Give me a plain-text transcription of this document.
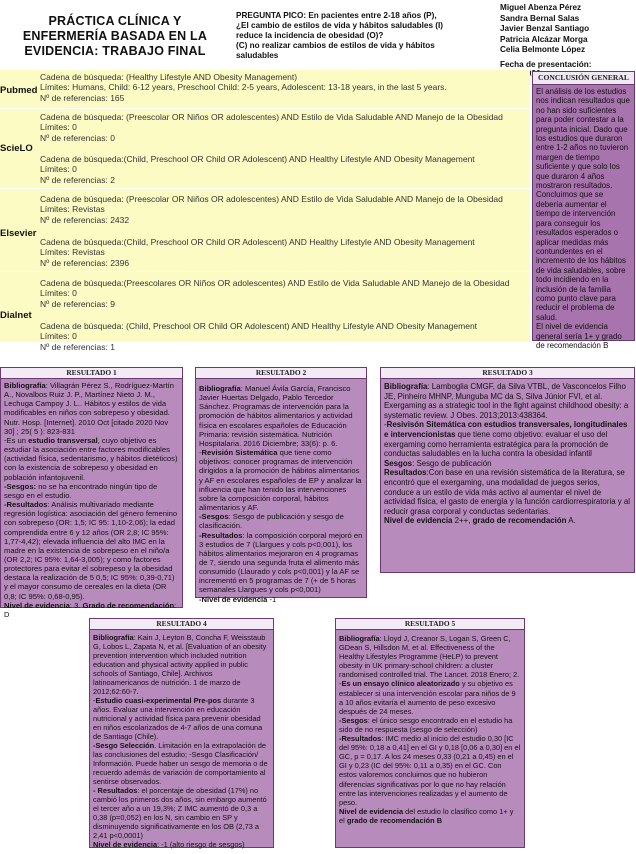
PRÁCTICA CLÍNICA Y ENFERMERÍA BASADA EN LA EVIDENCIA: TRABAJO FINAL
PREGUNTA PICO: En pacientes entre 2-18 años (P),
¿El cambio de estilos de vida y hábitos saludables (I)
reduce la incidencia de obesidad (O)?
(C) no realizar cambios de estilos de vida y hábitos
saludables
Miguel Abenza Pérez
Sandra Bernal Salas
Javier Benzal Santiago
Patricia Alcázar Morga
Celia Belmonte López
Fecha de presentación:
Pubmed
Cadena de búsqueda: (Healthy Lifestyle AND Obesity Management)
Límites: Humans, Child: 6-12 years, Preschool Child: 2-5 years, Adolescent: 13-18 years, in the last 5 years.
Nº de referencias: 165
ScieLO
Cadena de búsqueda: (Preescolar OR Niños OR adolescentes) AND Estilo de Vida Saludable AND Manejo de la Obesidad
Límites: 0
Nº de referencias: 0
Cadena de búsqueda:(Child, Preschool OR Child OR Adolescent) AND Healthy Lifestyle AND Obesity Management
Límites: 0
Nº de referencias: 2
Elsevier
Cadena de búsqueda: (Preescolar OR Niños OR adolescentes) AND Estilo de Vida Saludable AND Manejo de la Obesidad
Límites: Revistas
Nº de referencias: 2432
Cadena de búsqueda:(Child, Preschool OR Child OR Adolescent) AND Healthy Lifestyle AND Obesity Management
Límites: Revistas
Nº de referencias: 2396
Dialnet
Cadena de búsqueda:(Preescolares OR Niños OR adolescentes) AND Estilo de Vida Saludable AND Manejo de la Obesidad
Límites: 0
Nº de referencias: 9
Cadena de búsqueda: (Child, Preschool OR Child OR Adolescent) AND Healthy Lifestyle AND Obesity Management
Límites: 0
Nº de referencias: 1
CONCLUSIÓN GENERAL
El análisis de los estudios nos indican resultados que no han sido suficientes para poder contestar a la pregunta inicial. Dado que los estudios que duraron entre 1-2 años no tuvieron margen de tiempo suficiente y que solo los que duraron 4 años mostraron resultados. Concluimos que se debería aumentar el tiempo de intervención para conseguir los resultados esperados o aplicar medidas más contundentes en el incremento de los hábitos de vida saludables, sobre todo incidiendo en la inclusión de la familia como punto clave para reducir el problema de salud.
El nivel de evidencia general sería 1+ y grado de recomendación B
RESULTADO 1

Bibliografía: Villagrán Pérez S., Rodríguez-Martín A., Novalbos Ruiz J. P., Martínez Nieto J. M., Lechuga Campoy J. L.. Hábitos y estilos de vida modificables en niños con sobrepeso y obesidad. Nutr. Hosp. [Internet]. 2010 Oct [citado 2020 Nov 30] ; 25( 5 ): 823-831

-Es un estudio transversal, cuyo objetivo es estudiar la asociación entre factores modificables (actividad física, sedentarismo, y hábitos dietéticos) con la existencia de sobrepeso y obesidad en población infantojuvenil.

-Sesgos: no se ha encontrado ningún tipo de sesgo en el estudio.

-Resultados: Análisis multivariado mediante regresión logística: asociación del género femenino con sobrepeso (OR: 1,5; IC 95: 1,10-2,06); la edad comprendida entre 6 y 12 años (OR 2,8; IC 95%: 1,77-4,42); elevada influencia del alto IMC en la madre en la existencia de sobrepeso en el niño/a (OR 2,2; IC 95%: 1,64-3,005); y como factores protectores para evitar el sobrepeso y la obesidad destaca la realización de 5 0,5; IC 95%: 0,39-0,71) y el mayor consumo de cereales en la dieta (OR 0,8; IC 95%: 0,68-0,95).

Nivel de evidencia: 3. Grado de recomendación: D

RESULTADO 2

Bibliografía: Manuel Ávila García, Francisco Javier Huertas Delgado, Pablo Tercedor Sánchez. Programas de intervención para la promoción de hábitos alimentarios y actividad física en escolares españoles de Educación Primaria: revisión sistemática. Nutrición Hospitalaria. 2016 Diciembre; 33(6): p. 6.

-Revisión Sistemática que tiene como objetivos: conocer programas de intervención dirigidos a la promoción de hábitos alimentarios y AF en escolares españoles de EP y analizar la influencia que han tenido las intervenciones sobre la composición corporal, hábitos alimentarios y AF.

-Sesgos: Sesgo de publicación y sesgo de clasificación.

-Resultados: la composición corporal mejoró en 3 estudios de 7 (Llargues y cols p<0,001), los hábitos alimentarios mejoraron en 4 programas de 7, siendo una segunda fruta el alimento más consumido (Llaurado y cols p<0,001) y la AF se incrementó en 5 programas de 7 (+ de 5 horas semanales Llargues y cols p<0,001)

-Nivel de evidencia -1

RESULTADO 3

Bibliografía: Lamboglia CMGF, da Silva VTBL, de Vasconcelos Filho JE, Pinheiro MHNP, Munguba MC da S, Silva Júnior FVI, et al. Exergaming as a strategic tool in the fight against childhood obesity: a systematic review. J Obes. 2013;2013:438364.

-Resivisón Sitemática con estudios transversales, longitudinales e intervencionistas que tiene como objetivo: evaluar el uso del exergaming como herramienta estratégica para la promoción de conductas saludables en la lucha contra la obesidad infantil

Sesgos: Sesgo de publicación

Resultados:Con base en una revisión sistemática de la literatura, se encontró que el exergaming, una modalidad de juegos serios, conduce a un estilo de vida más activo al aumentar el nivel de actividad física, el gasto de energía y la función cardiorrespiratoria y al reducir grasa corporal y conductas sedentarias.

Nivel de evidencia 2++, grado de recomendación A.

RESULTADO 4

Bibliografía: Kain J, Leyton B, Concha F, Weisstaub G, Lobos L, Zapata N, et al. [Evaluation of an obesity prevention intervention which included nutrition education and physical activity applied in public schools of Santiago, Chile]. Archivos latinoamericanos de nutrición. 1 de marzo de 2012;62:60-7.

-Estudio cuasi-experimental Pre-pos durante 3 años. Evaluar una intervención en educación nutricional y actividad física para prevenir obesidad en niños escolarizados de 4-7 años de una comuna de Santiago (Chile).

-Sesgo Selección. Limitación en la extrapolación de las conclusiones del estudio; -Sesgo Clasificación/ Información. Puede haber un sesgo de memoria o de recuerdo además de variación de comportamiento al sentirse observados.

- Resultados: el porcentaje de obesidad (17%) no cambió los primeros dos años, sin embargo aumentó el tercer año a un 19,3%; Z IMC aumentó de 0,3 a 0,38 (p=0,052) en los N, sin cambio en SP y disminuyendo significativamente en los OB (2,73 a 2,41 p<0,0001)

Nivel de evidencia: -1 (alto riesgo de sesgos)

RESULTADO 5

Bibliografía: Lloyd J, Creanor S, Logan S, Green C, GDean S, Hillsdon M, et al. Effectiveness of the Healthy Lifestyles Programme (HeLP) to prevent obesity in UK primary-school children: a cluster randomised controlled trial. The Lancet. 2018 Enero; 2.

-Es un ensayo clínico aleatorizado y su objetivo es establecer si una intervención escolar para niños de 9 a 10 años evitaría el aumento de peso excesivo después de 24 meses.

-Sesgos: el único sesgo encontrado en el estudio ha sido de no respuesta (sesgo de selección)

-Resultados: IMC medio al inicio del estudio 0,30 [IC del 95%: 0,18 a 0,41] en el GI y 0,18 [0,06 a 0,30] en el GC, p = 0,17. A los 24 meses 0,33 (0,21 a 0,45) en el GI y 0,23 (IC del 95%: 0,11 a 0,35) en el GC. Con estos valoremos concluimos que no hubieron diferencias significativas por lo que no hay relación entre las intervenciones realizadas y el aumento de peso.

Nivel de evidencia del estudio lo clasifico como 1+ y el grado de recomendación B
